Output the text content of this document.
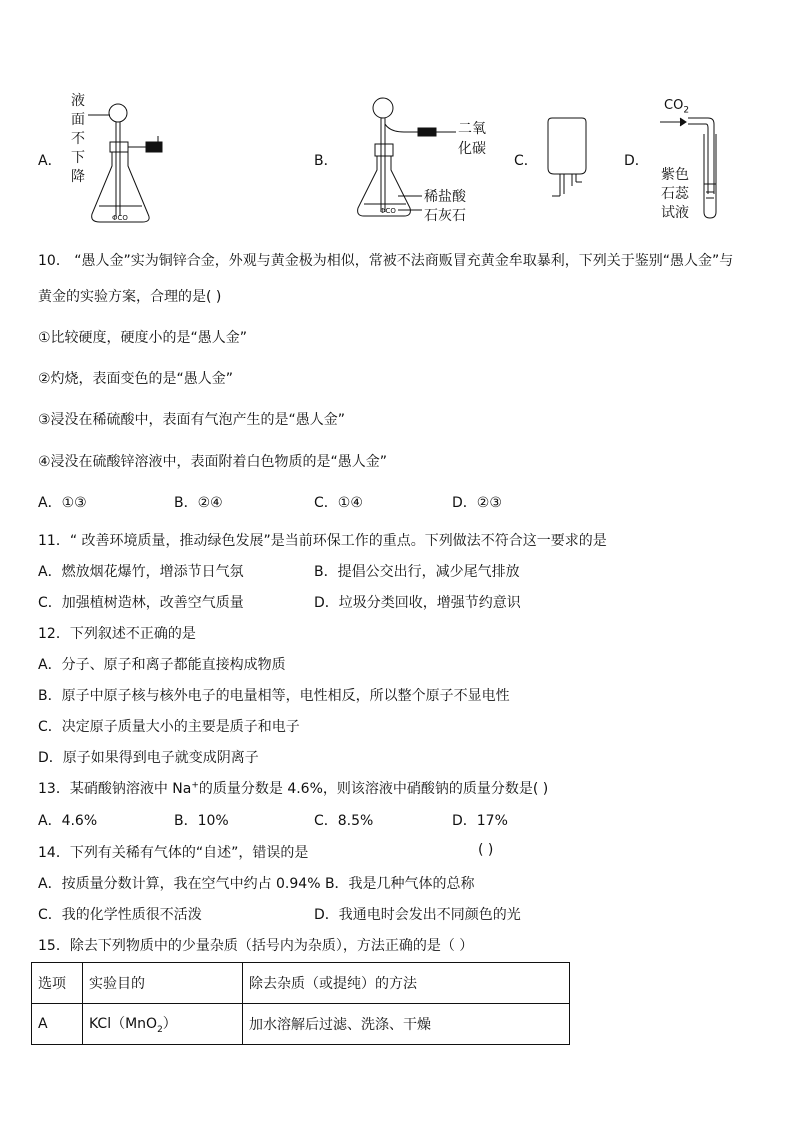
A．
液
面
不
下
降
ΦCO
B．
ΦCO
二氧
化碳
稀盐酸
石灰石
C．	D．
$CO_2$
紫色
石蕊
试液
10． “愚人金”实为铜锌合金，外观与黄金极为相似，常被不法商贩冒充黄金牟取暴利，下列关于鉴别“愚人金”与
黄金的实验方案，合理的是( )
①比较硬度，硬度小的是“愚人金”
②灼烧，表面变色的是“愚人金”
③浸没在稀硫酸中，表面有气泡产生的是“愚人金”
④浸没在硫酸锌溶液中，表面附着白色物质的是“愚人金”
A．①③	B．②④	C．①④	D．②③
11．“ 改善环境质量，推动绿色发展”是当前环保工作的重点。下列做法不符合这一要求的是
A．燃放烟花爆竹，增添节日气氛	B．提倡公交出行，减少尾气排放
C．加强植树造林，改善空气质量	D．垃圾分类回收，增强节约意识
12．下列叙述不正确的是
A．分子、原子和离子都能直接构成物质
B．原子中原子核与核外电子的电量相等，电性相反，所以整个原子不显电性
C．决定原子质量大小的主要是质子和电子
D．原子如果得到电子就变成阴离子
13．某硝酸钠溶液中 Na+的质量分数是 4.6%，则该溶液中硝酸钠的质量分数是( )
A．4.6%	B．10%	C．8.5%	D．17%
14．下列有关稀有气体的“自述”，错误的是	( )
A．按质量分数计算，我在空气中约占 0.94% B．我是几种气体的总称
C．我的化学性质很不活泼	D．我通电时会发出不同颜色的光
15．除去下列物质中的少量杂质（括号内为杂质），方法正确的是（ ）
选项	实验目的	除去杂质（或提纯）的方法
A	KCl（MnO$_2$）	加水溶解后过滤、洗涤、干燥
